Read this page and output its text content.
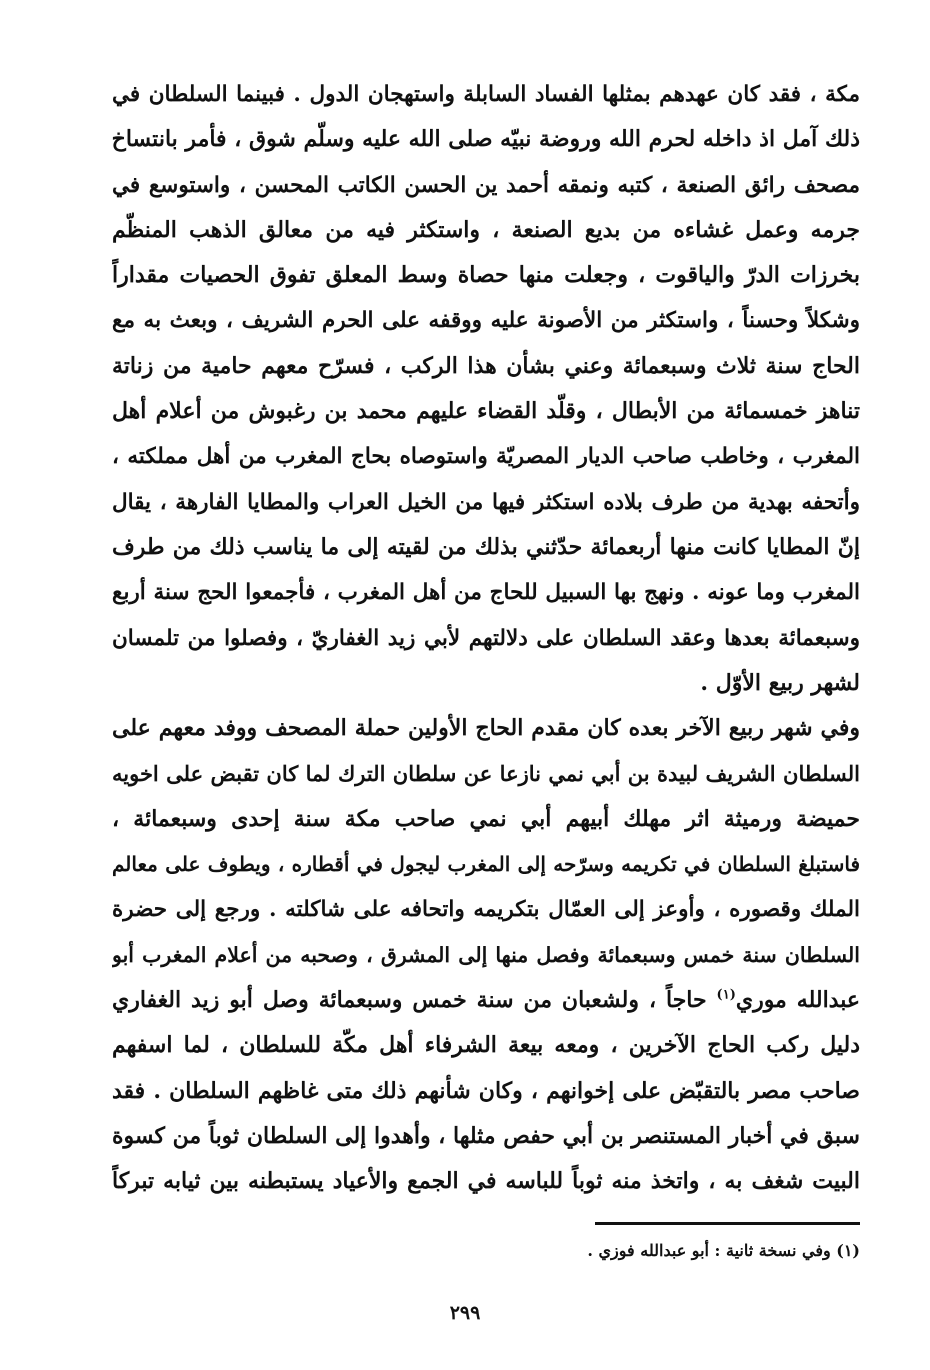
مكة ، فقد كان عهدهم بمثلها الفساد السابلة واستهجان الدول . فبينما السلطان في
ذلك آمل اذ داخله لحرم الله وروضة نبيّه صلى الله عليه وسلّم شوق ، فأمر بانتساخ
مصحف رائق الصنعة ، كتبه ونمقه أحمد ين الحسن الكاتب المحسن ، واستوسع في
جرمه وعمل غشاءه من بديع الصنعة ، واستكثر فيه من معالق الذهب المنظّم
بخرزات الدرّ والياقوت ، وجعلت منها حصاة وسط المعلق تفوق الحصيات مقداراً
وشكلاً وحسناً ، واستكثر من الأصونة عليه ووقفه على الحرم الشريف ، وبعث به مع
الحاج سنة ثلاث وسبعمائة وعني بشأن هذا الركب ، فسرّح معهم حامية من زناتة
تناهز خمسمائة من الأبطال ، وقلّد القضاء عليهم محمد بن رغبوش من أعلام أهل
المغرب ، وخاطب صاحب الديار المصريّة واستوصاه بحاج المغرب من أهل مملكته ،
وأتحفه بهدية من طرف بلاده استكثر فيها من الخيل العراب والمطايا الفارهة ، يقال
إنّ المطايا كانت منها أربعمائة حدّثني بذلك من لقيته إلى ما يناسب ذلك من طرف
المغرب وما عونه . ونهج بها السبيل للحاج من أهل المغرب ، فأجمعوا الحج سنة أربع
وسبعمائة بعدها وعقد السلطان على دلالتهم لأبي زيد الغفاريّ ، وفصلوا من تلمسان
لشهر ربيع الأوّل .
وفي شهر ربيع الآخر بعده كان مقدم الحاج الأولين حملة المصحف ووفد معهم على
السلطان الشريف لبيدة بن أبي نمي نازعا عن سلطان الترك لما كان تقبض على اخويه
حميضة ورميثة اثر مهلك أبيهم أبي نمي صاحب مكة سنة إحدى وسبعمائة ،
فاستبلغ السلطان في تكريمه وسرّحه إلى المغرب ليجول في أقطاره ، ويطوف على معالم
الملك وقصوره ، وأوعز إلى العمّال بتكريمه واتحافه على شاكلته . ورجع إلى حضرة
السلطان سنة خمس وسبعمائة وفصل منها إلى المشرق ، وصحبه من أعلام المغرب أبو
عبدالله موري$^{(١)}$ حاجاً ، ولشعبان من سنة خمس وسبعمائة وصل أبو زيد الغفاري
دليل ركب الحاج الآخرين ، ومعه بيعة الشرفاء أهل مكّة للسلطان ، لما اسفهم
صاحب مصر بالتقبّض على إخوانهم ، وكان شأنهم ذلك متى غاظهم السلطان . فقد
سبق في أخبار المستنصر بن أبي حفص مثلها ، وأهدوا إلى السلطان ثوباً من كسوة
البيت شغف به ، واتخذ منه ثوباً للباسه في الجمع والأعياد يستبطنه بين ثيابه تبركاً
(١) وفي نسخة ثانية : أبو عبدالله فوزي .
٢٩٩
